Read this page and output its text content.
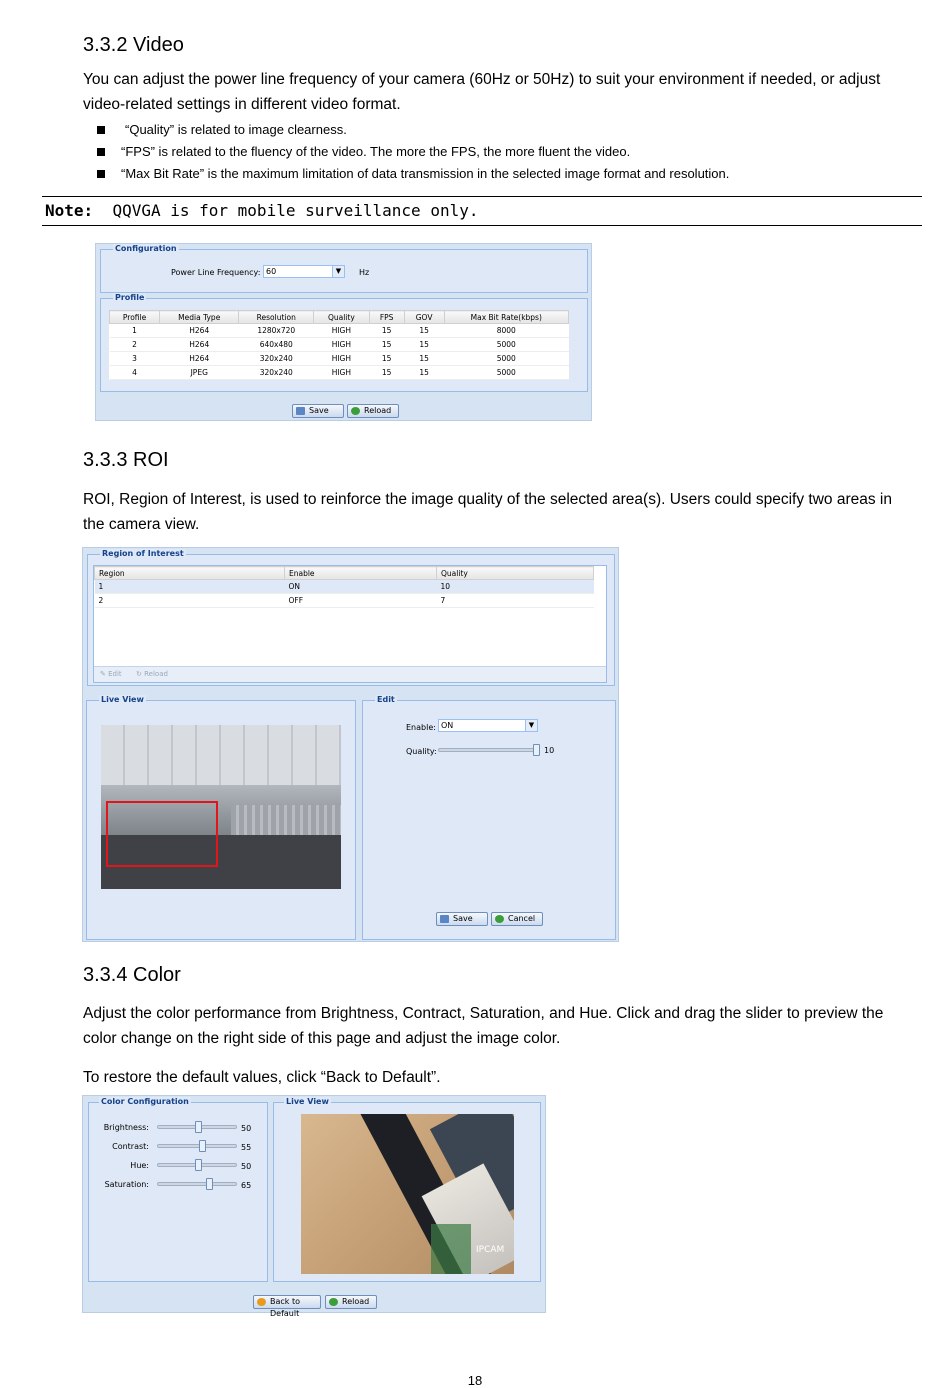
3.3.2 Video

You can adjust the power line frequency of your camera (60Hz or 50Hz) to suit your environment if needed, or adjust video-related settings in different video format.

“Quality” is related to image clearness.
“FPS” is related to the fluency of the video. The more the FPS, the more fluent the video.
“Max Bit Rate” is the maximum limitation of data transmission in the selected image format and resolution.
Note: QQVGA is for mobile surveillance only.
Configuration
Power Line Frequency: 60	▼	Hz
Profile
Profile	Media Type	Resolution	Quality	FPS	GOV	Max Bit Rate(kbps)
1	H264	1280x720	HIGH	15	15	8000
2	H264	640x480	HIGH	15	15	5000
3	H264	320x240	HIGH	15	15	5000
4	JPEG	320x240	HIGH	15	15	5000
Save	Reload
3.3.3 ROI

ROI, Region of Interest, is used to reinforce the image quality of the selected area(s). Users could specify two areas in the camera view.

Region of Interest
Region	Enable	Quality
1	ON	10
2	OFF	7
✎ Edit ↻ Reload
Live View	Edit
Enable: ON	▼
Quality:	10
Save	Cancel
3.3.4 Color

Adjust the color performance from Brightness, Contract, Saturation, and Hue. Click and drag the slider to preview the color change on the right side of this page and adjust the image color.

To restore the default values, click “Back to Default”.

Color Configuration
Brightness:	50
Contrast:	55
Hue:	50
Saturation:	65
Live View
IPCAM
Back to Default
Reload
18
